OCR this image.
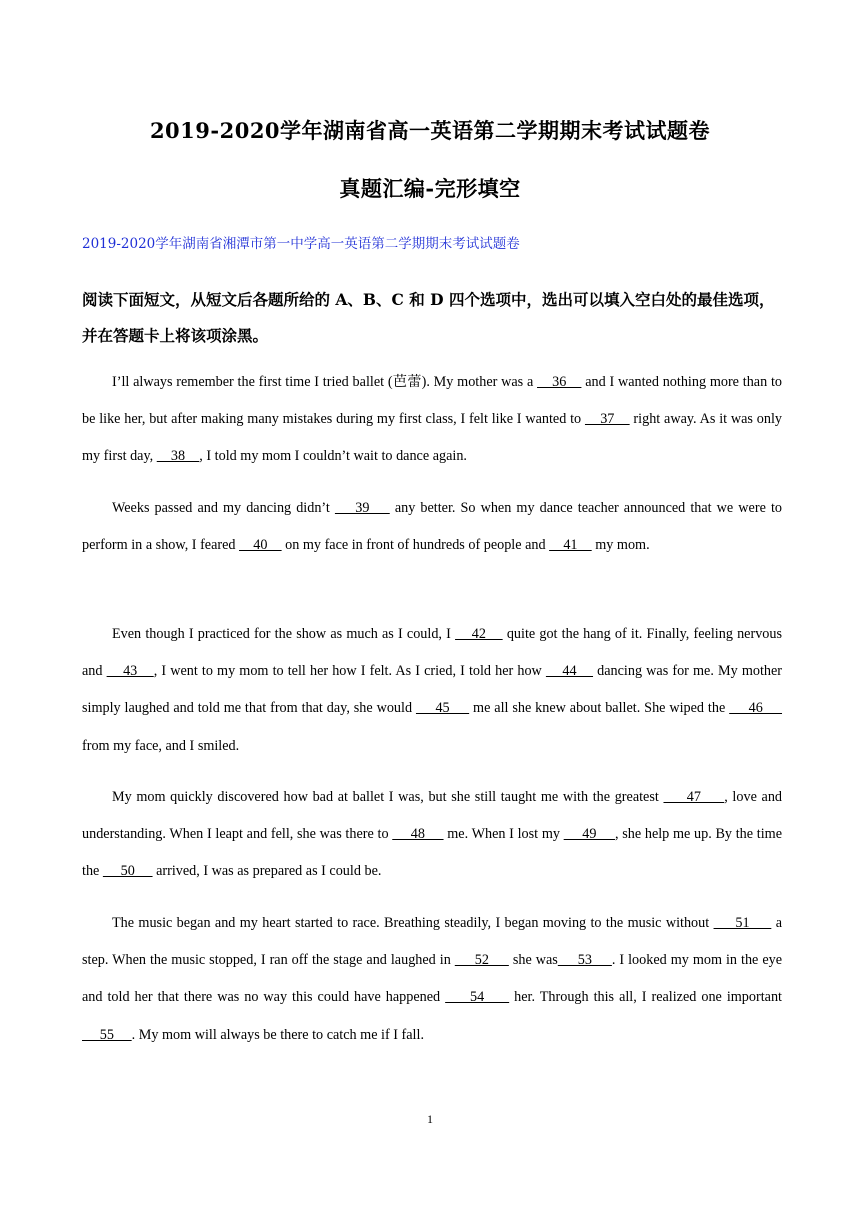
2019-2020学年湖南省高一英语第二学期期末考试试题卷
真题汇编-完形填空
2019-2020学年湖南省湘潭市第一中学高一英语第二学期期末考试试题卷
阅读下面短文，从短文后各题所给的 A、B、C 和 D 四个选项中，选出可以填入空白处的最佳选项，并在答题卡上将该项涂黑。

I’ll always remember the first time I tried ballet (芭蕾). My mother was a     36     and I wanted nothing more than to be like her, but after making many mistakes during my first class, I felt like I wanted to     37     right away. As it was only my first day,     38    , I told my mom I couldn’t wait to dance again.

Weeks passed and my dancing didn’t     39     any better. So when my dance teacher announced that we were to perform in a show, I feared     40     on my face in front of hundreds of people and     41     my mom.

Even though I practiced for the show as much as I could, I     42     quite got the hang of it. Finally, feeling nervous and     43    , I went to my mom to tell her how I felt. As I cried, I told her how     44     dancing was for me. My mother simply laughed and told me that from that day, she would      45      me all she knew about ballet. She wiped the      46      from my face, and I smiled.

My mom quickly discovered how bad at ballet I was, but she still taught me with the greatest      47     , love and understanding. When I leapt and fell, she was there to      48      me. When I lost my      49     , she help me up. By the time the      50      arrived, I was as prepared as I could be.

The music began and my heart started to race. Breathing steadily, I began moving to the music without      51      a step. When the music stopped, I ran off the stage and laughed in      52      she was     53     . I looked my mom in the eye and told her that there was no way this could have happened      54      her. Through this all, I realized one important      55     . My mom will always be there to catch me if I fall.

1
